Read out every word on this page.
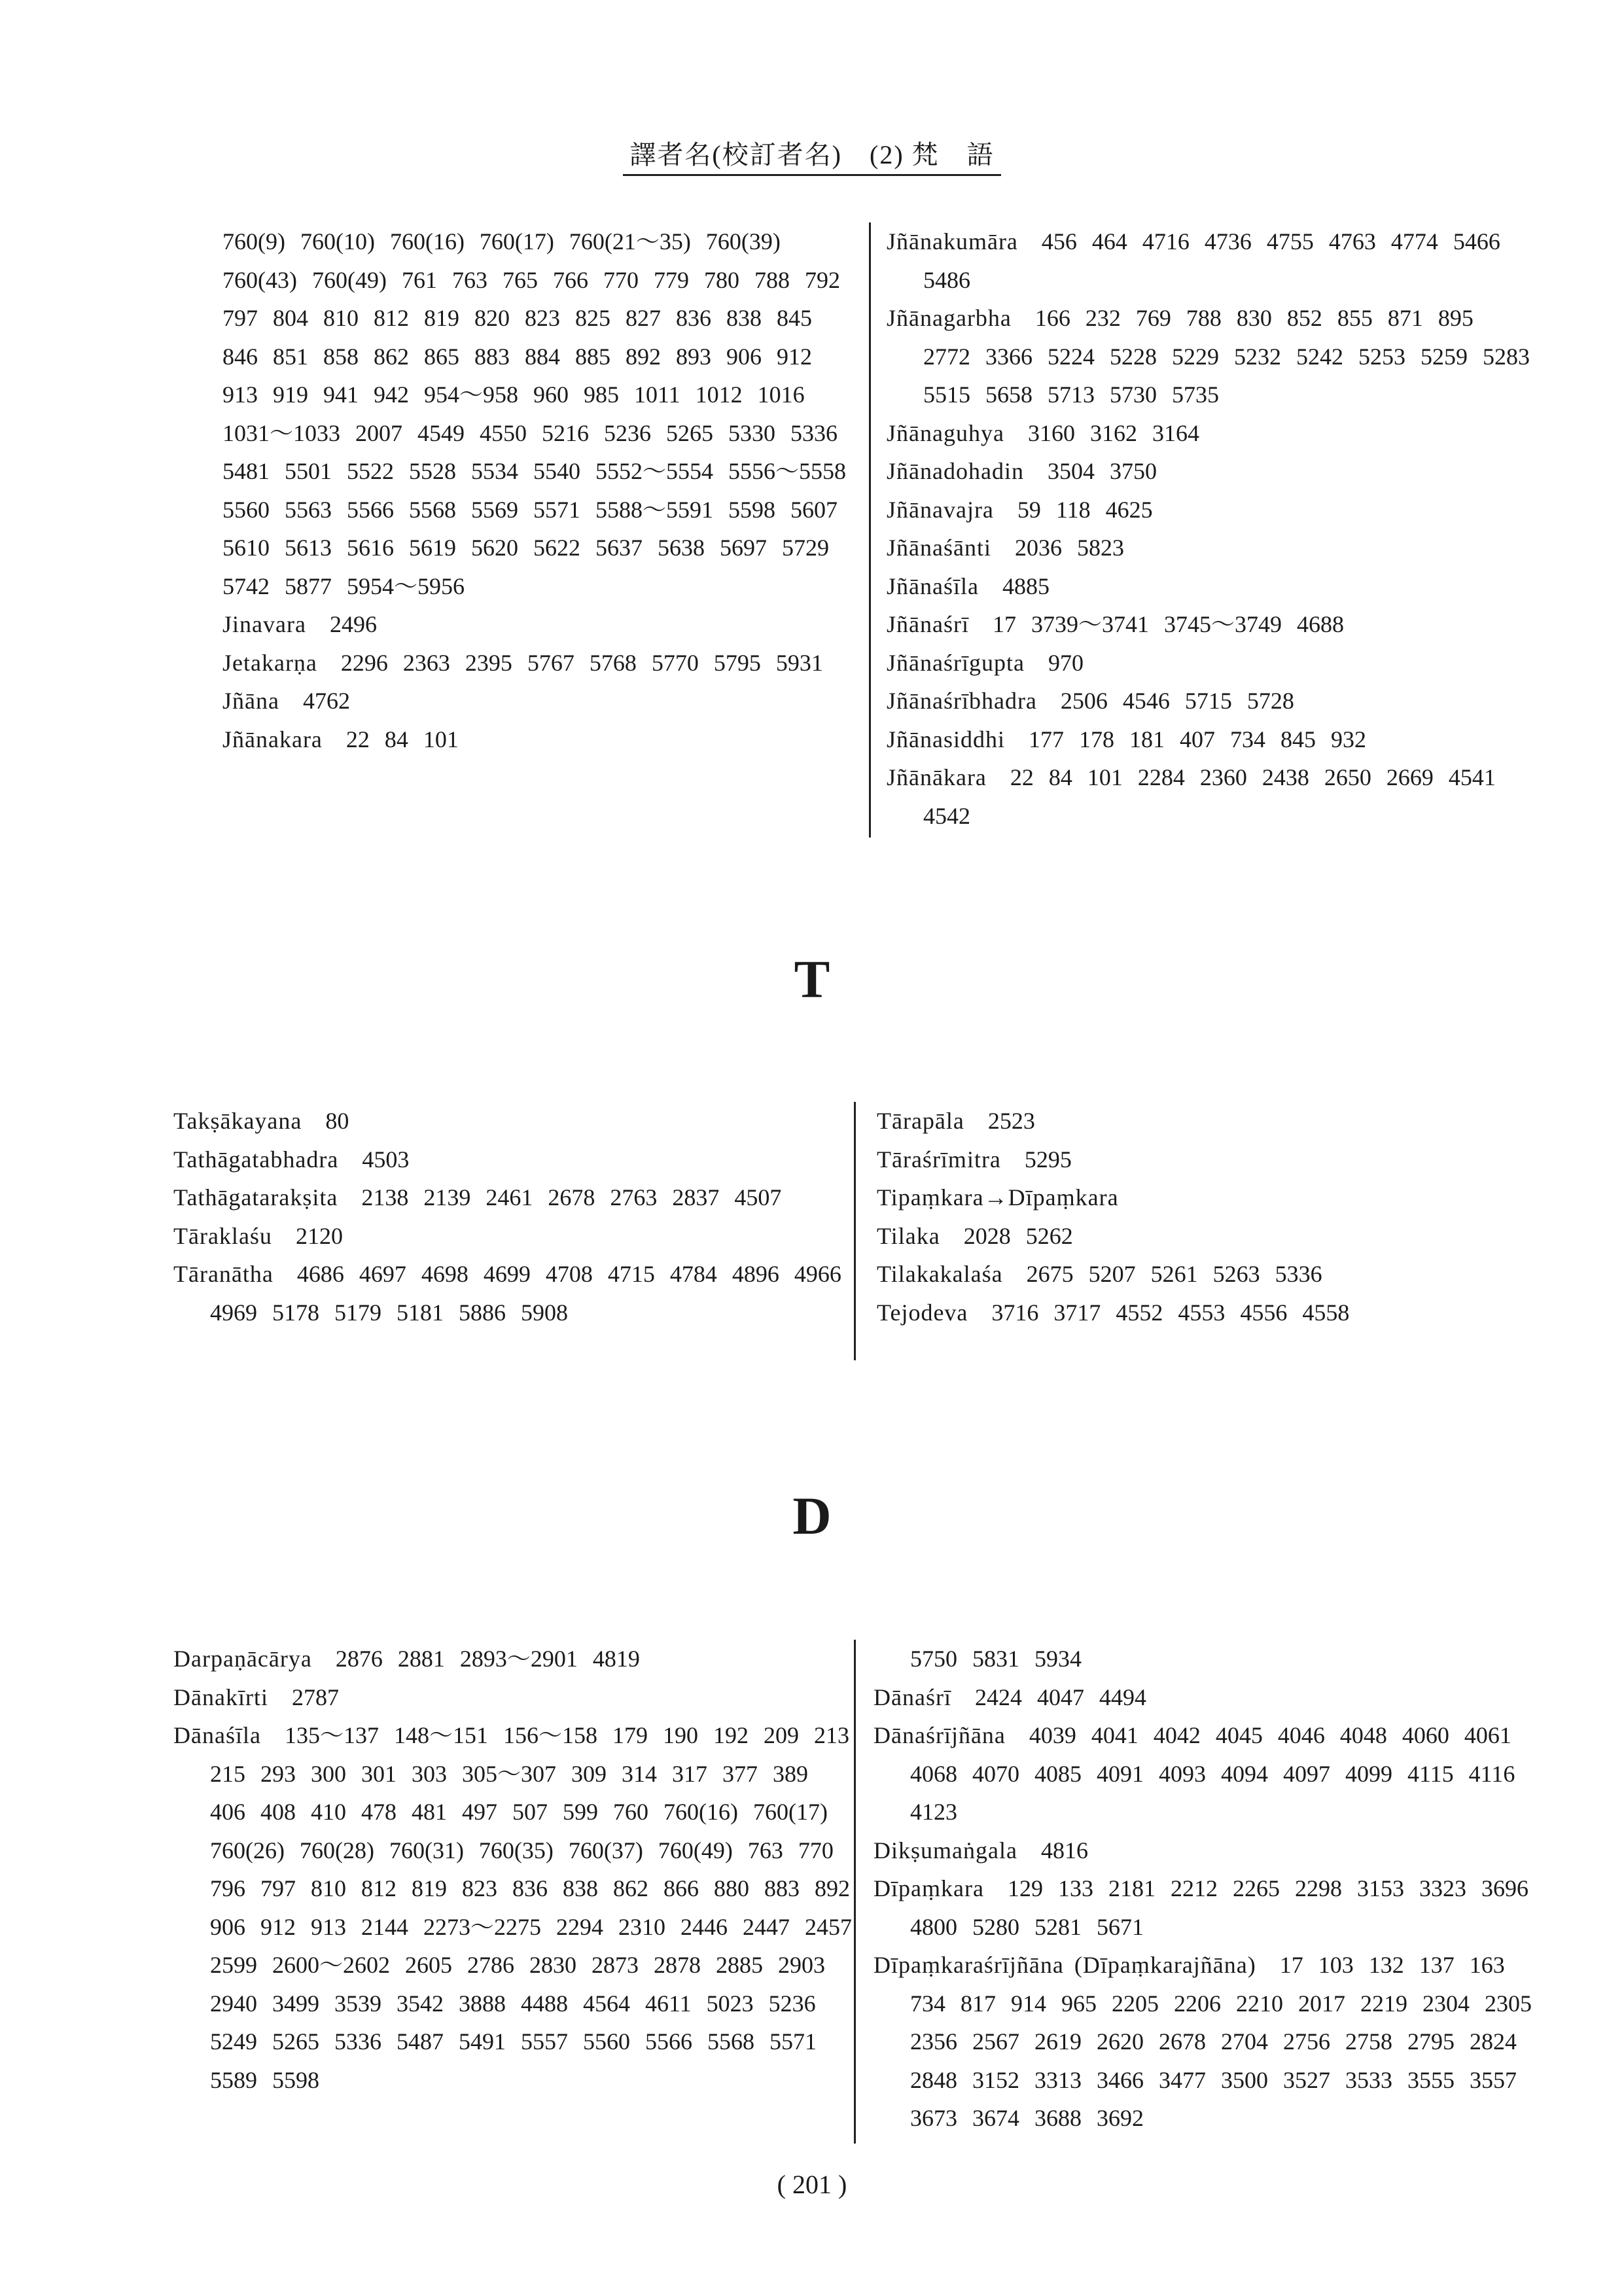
譯者名(校訂者名)　(2) 梵　語
760(9) 760(10) 760(16) 760(17) 760(21～35) 760(39) 760(43) 760(49) 761 763 765 766 770 779 780 788 792 797 804 810 812 819 820 823 825 827 836 838 845 846 851 858 862 865 883 884 885 892 893 906 912 913 919 941 942 954～958 960 985 1011 1012 1016 1031～1033 2007 4549 4550 5216 5236 5265 5330 5336 5481 5501 5522 5528 5534 5540 5552～5554 5556～5558 5560 5563 5566 5568 5569 5571 5588～5591 5598 5607 5610 5613 5616 5619 5620 5622 5637 5638 5697 5729 5742 5877 5954～5956
Jinavara  2496
Jetakarṇa  2296 2363 2395 5767 5768 5770 5795 5931
Jñāna  4762
Jñānakara  22 84 101
Jñānakumāra  456 464 4716 4736 4755 4763 4774 5466 5486
Jñānagarbha  166 232 769 788 830 852 855 871 895 2772 3366 5224 5228 5229 5232 5242 5253 5259 5283 5515 5658 5713 5730 5735
Jñānaguhya  3160 3162 3164
Jñānadohadin  3504 3750
Jñānavajra  59 118 4625
Jñānaśānti  2036 5823
Jñānaśīla  4885
Jñānaśrī  17 3739～3741 3745～3749 4688
Jñānaśrīgupta  970
Jñānaśrībhadra  2506 4546 5715 5728
Jñānasiddhi  177 178 181 407 734 845 932
Jñānākara  22 84 101 2284 2360 2438 2650 2669 4541 4542
T
Takṣākayana  80
Tathāgatabhadra  4503
Tathāgatarakṣita  2138 2139 2461 2678 2763 2837 4507
Tāraklaśu  2120
Tāranātha  4686 4697 4698 4699 4708 4715 4784 4896 4966 4969 5178 5179 5181 5886 5908
Tārapāla  2523
Tāraśrīmitra  5295
Tipaṃkara→Dīpaṃkara 
Tilaka  2028 5262
Tilakakalaśa  2675 5207 5261 5263 5336
Tejodeva  3716 3717 4552 4553 4556 4558
D
Darpaṇācārya  2876 2881 2893～2901 4819
Dānakīrti  2787
Dānaśīla  135～137 148～151 156～158 179 190 192 209 213 215 293 300 301 303 305～307 309 314 317 377 389 406 408 410 478 481 497 507 599 760 760(16) 760(17) 760(26) 760(28) 760(31) 760(35) 760(37) 760(49) 763 770 796 797 810 812 819 823 836 838 862 866 880 883 892 906 912 913 2144 2273～2275 2294 2310 2446 2447 2457 2599 2600～2602 2605 2786 2830 2873 2878 2885 2903 2940 3499 3539 3542 3888 4488 4564 4611 5023 5236 5249 5265 5336 5487 5491 5557 5560 5566 5568 5571 5589 5598
5750 5831 5934
Dānaśrī  2424 4047 4494
Dānaśrījñāna  4039 4041 4042 4045 4046 4048 4060 4061 4068 4070 4085 4091 4093 4094 4097 4099 4115 4116 4123
Dikṣumaṅgala  4816
Dīpaṃkara  129 133 2181 2212 2265 2298 3153 3323 3696 4800 5280 5281 5671
Dīpaṃkaraśrījñāna (Dīpaṃkarajñāna)  17 103 132 137 163 734 817 914 965 2205 2206 2210 2017 2219 2304 2305 2356 2567 2619 2620 2678 2704 2756 2758 2795 2824 2848 3152 3313 3466 3477 3500 3527 3533 3555 3557 3673 3674 3688 3692
( 201 )
